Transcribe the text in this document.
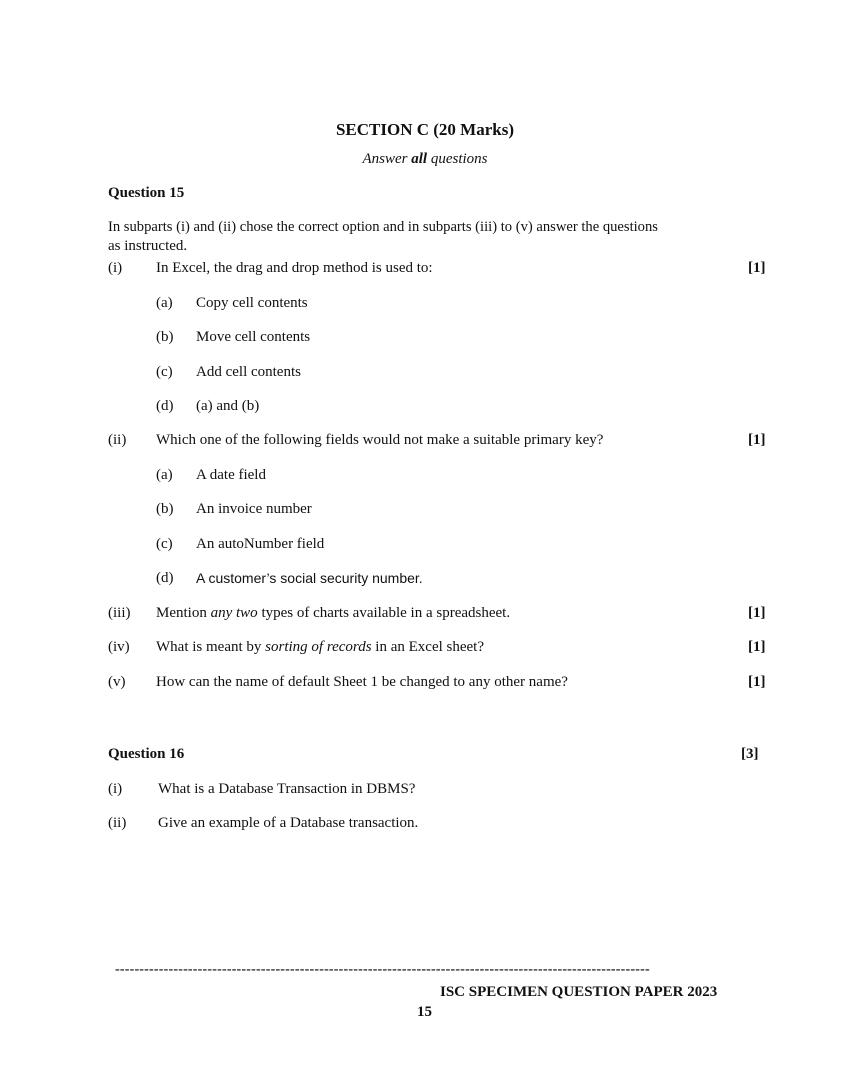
SECTION C (20 Marks)
Answer all questions
Question 15
In subparts (i) and (ii) chose the correct option and in subparts (iii) to (v) answer the questions
as instructed.
(i) In Excel, the drag and drop method is used to:	[1]
(a) Copy cell contents
(b) Move cell contents
(c) Add cell contents
(d) (a) and (b)
(ii) Which one of the following fields would not make a suitable primary key?	[1]
(a) A date field
(b) An invoice number
(c) An autoNumber field
(d) A customer’s social security number.
(iii) Mention any two types of charts available in a spreadsheet.	[1]
(iv) What is meant by sorting of records in an Excel sheet?	[1]
(v) How can the name of default Sheet 1 be changed to any other name?	[1]
Question 16	[3]
(i) What is a Database Transaction in DBMS?
(ii) Give an example of a Database transaction.
--------------------------------------------------------------------------------------------------------------
ISC SPECIMEN QUESTION PAPER 2023
15
